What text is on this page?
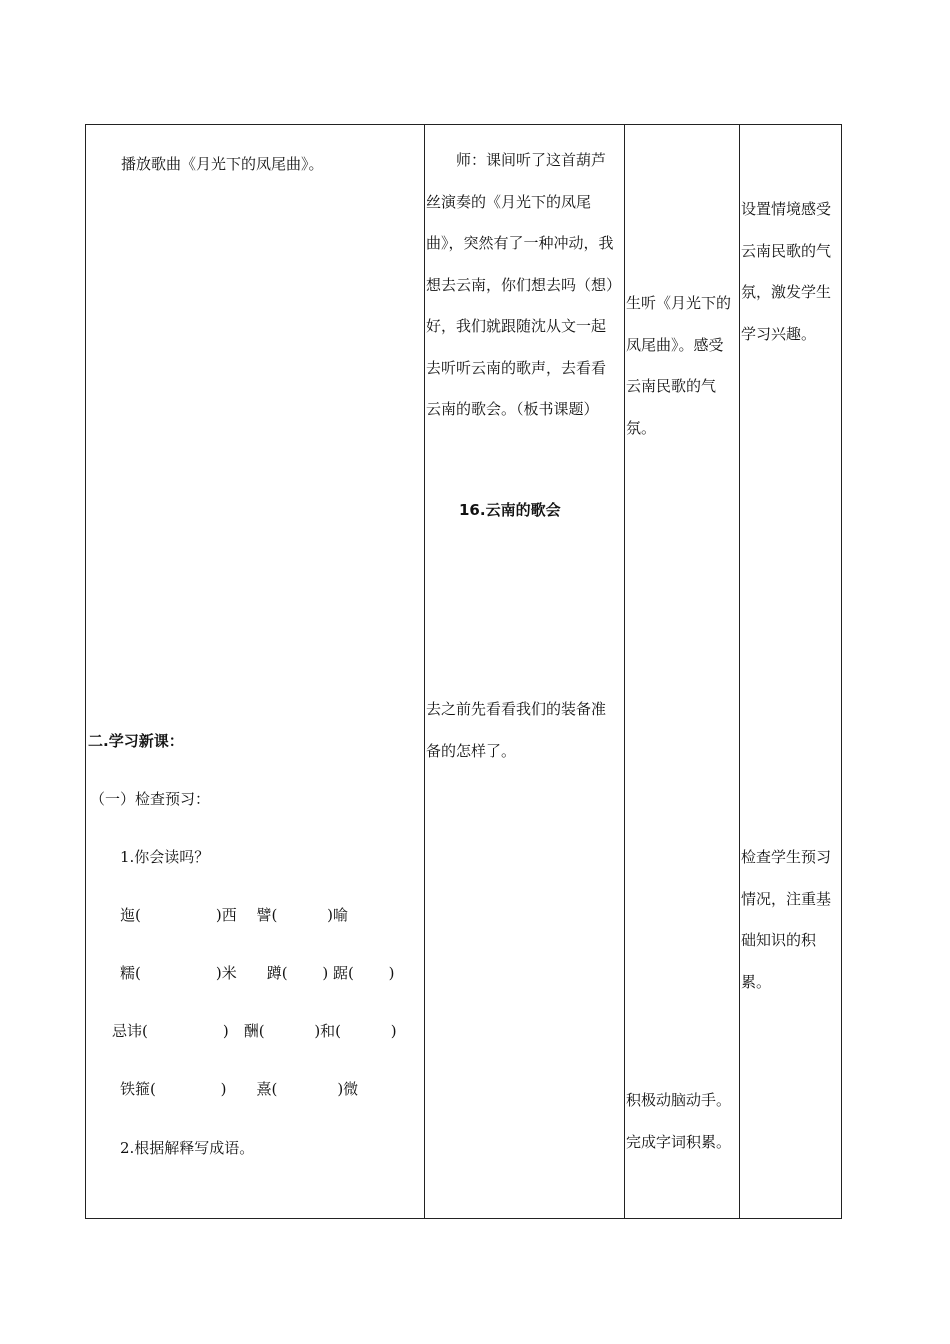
播放歌曲《月光下的凤尾曲》。
二.学习新课：
（一）检查预习：
1.你会读吗？
迤(　　　　　)西　 譬(　　　 )喻
糯(　　　　　)米　　蹲(　　 ) 踞(　　 )
忌讳(　　　　　)　酬(　　　 )和(　　　 )
铁箍(　　　　 )　　熹(　　　　)微
2.根据解释写成语。
　　师：课间听了这首葫芦丝演奏的《月光下的凤尾曲》，突然有了一种冲动，我想去云南，你们想去吗（想）好，我们就跟随沈从文一起去听听云南的歌声，去看看云南的歌会。（板书课题）
16.云南的歌会
去之前先看看我们的装备准备的怎样了。
生听《月光下的凤尾曲》。感受云南民歌的气氛。
积极动脑动手。完成字词积累。
设置情境感受云南民歌的气氛，激发学生学习兴趣。
检查学生预习情况，注重基础知识的积累。
